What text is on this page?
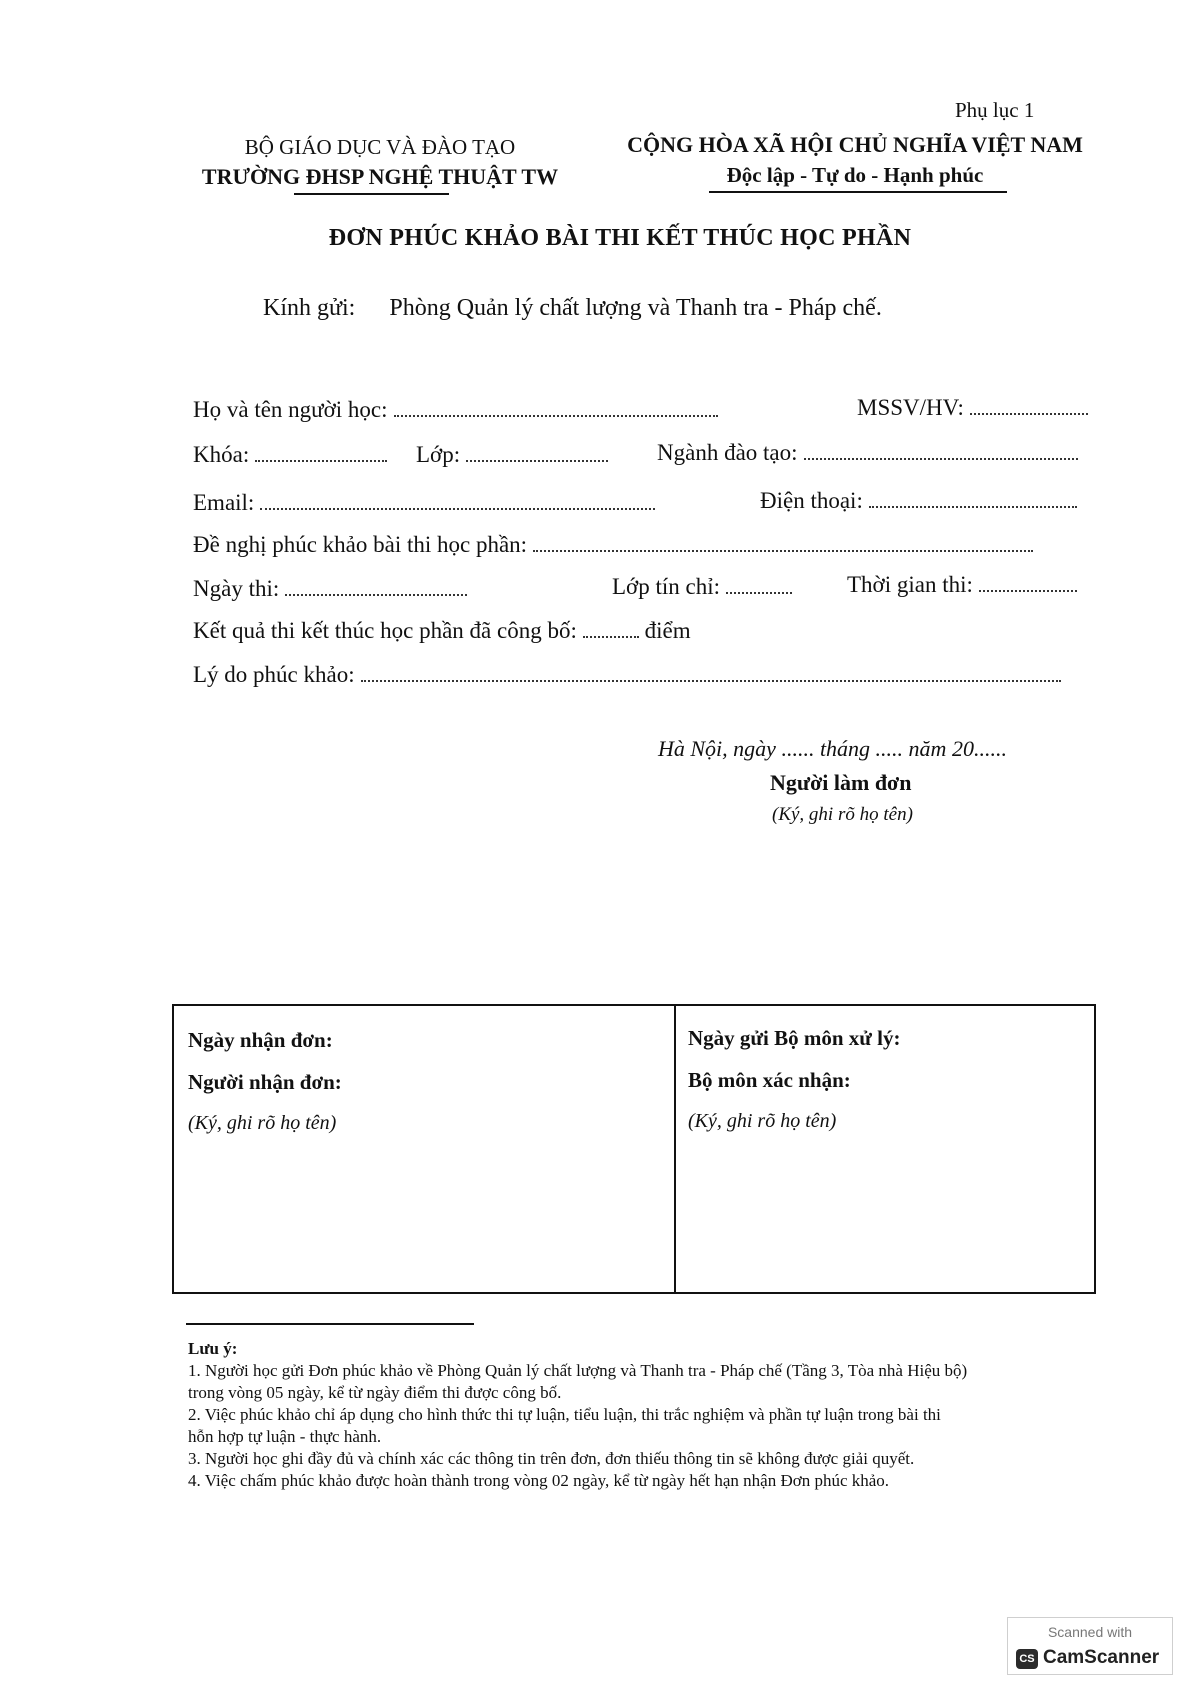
Phụ lục 1
BỘ GIÁO DỤC VÀ ĐÀO TẠO
TRƯỜNG ĐHSP NGHỆ THUẬT TW
CỘNG HÒA XÃ HỘI CHỦ NGHĨA VIỆT NAM
Độc lập - Tự do - Hạnh phúc
ĐƠN PHÚC KHẢO BÀI THI KẾT THÚC HỌC PHẦN
Kính gửi: Phòng Quản lý chất lượng và Thanh tra - Pháp chế.
Họ và tên người học:	MSSV/HV:
Khóa:	Lớp:	Ngành đào tạo:
Email:	Điện thoại:
Đề nghị phúc khảo bài thi học phần:
Ngày thi:	Lớp tín chỉ:	Thời gian thi:
Kết quả thi kết thúc học phần đã công bố:	điểm
Lý do phúc khảo:
Hà Nội, ngày ...... tháng ..... năm 20......
Người làm đơn
(Ký, ghi rõ họ tên)
Ngày nhận đơn:
Người nhận đơn:
(Ký, ghi rõ họ tên)
Ngày gửi Bộ môn xử lý:
Bộ môn xác nhận:
(Ký, ghi rõ họ tên)
Lưu ý:
1. Người học gửi Đơn phúc khảo về Phòng Quản lý chất lượng và Thanh tra - Pháp chế (Tầng 3, Tòa nhà Hiệu bộ)
trong vòng 05 ngày, kể từ ngày điểm thi được công bố.
2. Việc phúc khảo chỉ áp dụng cho hình thức thi tự luận, tiểu luận, thi trắc nghiệm và phần tự luận trong bài thi
hỗn hợp tự luận - thực hành.
3. Người học ghi đầy đủ và chính xác các thông tin trên đơn, đơn thiếu thông tin sẽ không được giải quyết.
4. Việc chấm phúc khảo được hoàn thành trong vòng 02 ngày, kể từ ngày hết hạn nhận Đơn phúc khảo.
Scanned with
CS CamScanner
